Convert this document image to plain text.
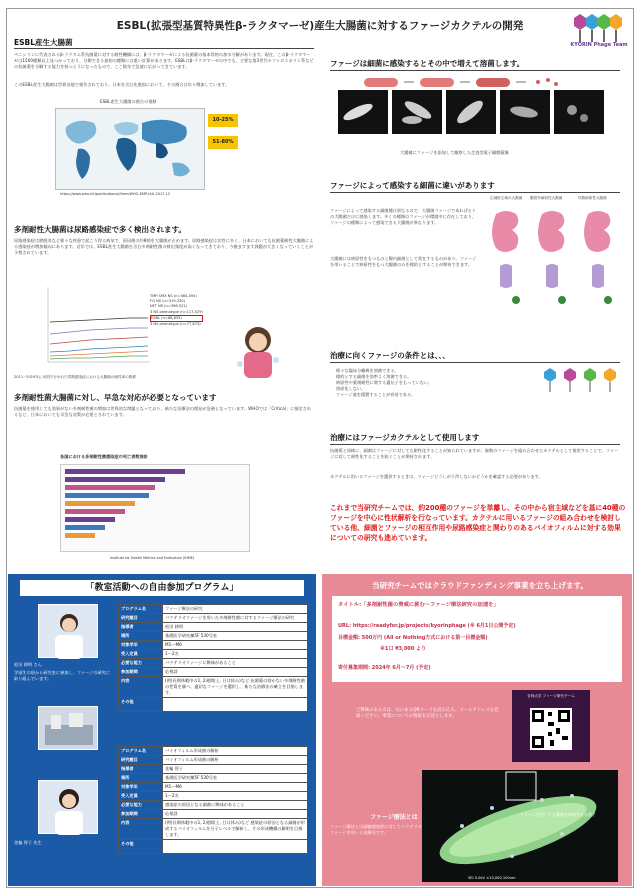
ESBL(拡張型基質特異性β-ラクタマーゼ)産生大腸菌に対するファージカクテルの開発
KYORIN Phage Team
ESBL産生大腸菌
ペニシリンに代表されるβ-ラクタム系抗菌薬に対する耐性機構には、β-ラクタマーゼによる抗菌薬の基本骨格の加水分解があります。現在、このβ-ラクタマーゼは1500種類以上見つかっており、分類できる最初の種類には重い計算があります。ESBLはβ-ラクタマーゼの中でも、主要な第3世代セファロスポリン系などの抗菌薬を分解する能力を持つようになったもので、ここ数年で急速に広がってきています。
このESBL産生大腸菌は世界各地で報告されており、日本を含む先進国において、その割合は年々増加しています。
ESBL産生大腸菌の割合の推移
10-25%
51-80%
https://www.who.int/publications/i/item/WHO-EMP-IAU-2017.12
多剤耐性大腸菌は尿路感染症で多く検出されます。
尿路感染症は膀胱炎など様々な疾患で起こり得る病気で、原因菌の約8割を大腸菌が占めます。尿路感染症は女性に多く、日本においても抗菌薬耐性大腸菌による感染症が増加傾向にあります。近年では、ESBL産生大腸菌を含む多剤耐性菌の検出頻度が高くなってきており、今後ますます課題が大きくなっていくことが予想されています。
TMP-SMX NS (n=364,394)
FQ NS (n=319,330)
NFT NS (n=396,521)
3 NS phenotype (n=117,529)
ESBL (n=68,833)
3 NS phenotype (n=77,673)
2011~2019年に米国で行われた尿路感染症における大腸菌の耐性率の推移
多剤耐性菌大腸菌に対し、早急な対応が必要となっています
抗菌薬を使用しても効果がない多剤耐性菌の増加は世界的な問題となっており、新たな治療法の開発が急務となっています。WHOでは「Critical」に指定されるなど、日本においても早急な対策が必要とされています。
各国における多剤耐性菌感染症の死亡者数推計
Institute for Health Metrics and Evaluation (IHME)
ファージは細菌に感染するとその中で増えて溶菌します。
大腸菌にファージを添加して観察した走査型電子顕微鏡像
ファージによって感染する細菌に違いがあります
ファージによって感染する細菌種は異なるので、大腸菌ファージであればヒトの大腸菌だけに感染します。多くの種類のファージが環境中に存在しており、ファージの種類によって感染できる大腸菌が異なります。
大腸菌には病原性をもつものと腸内細菌として常在するものがあり、ファージを用いることで病原性をもつ大腸菌のみを標的とすることが期待できます。
広域宿主域の大腸菌 腸管外病原性大腸菌	尿路病原性大腸菌
治療に向くファージの条件とは、、、
様々な臨床分離株を溶菌できる。
標的とする細菌を効率よく溶菌できる。
病原性や薬剤耐性に関する遺伝子をもっていない。
溶原化しない。
ファージ液を精製することが容易である。
治療にはファージカクテルとして使用します
抗菌薬と同様に、細菌はファージに対しても耐性化することが知られていますが、複数のファージを組み合わせたカクテルとして使用することで、ファージに対して耐性化することを防ぐことが期待されます。
カクテルに用いるファージを選択するときは、ファージどうしが干渉しないかどうかを確認する必要があります。
これまで当研究チームでは、約200種のファージを単離し、その中から宿主域などを基に40種のファージを中心に性状解析を行なっています。カクテルに用いるファージの組み合わせを検討している他、細菌とファージの相互作用や尿路感染症と関わりのあるバイオフィルムに対する効果についての研究も進めています。
「教室活動への自由参加プログラム」
松田 耕明 さん
学部生の頃から研究室に参加し、ファージの研究に取り組んでいます。
花輪 智子 先生
プログラム名	ファージ療法の研究
研究題目	バクテリオファージを用いた多剤耐性菌に対するファージ療法の研究
指導者	松田 耕明
場所	基礎医学研究棟5F 530号室
対象学年	M1〜M6
受入定員	1〜2名
必要な能力	バクテリオファージに興味があること
参加期間	応相談
内容	(例)長期休暇中の1, 2週間(土, 日は休み)など 抗菌薬の効かない多剤耐性菌の性質を調べ、適切なファージを選択し、新たな治療法の確立を目指します。
その他	
プログラム名	バイオフィルム形成菌の解析
研究題目	バイオフィルム形成菌の解析
指導者	花輪 智子
場所	基礎医学研究棟5F 530号室
対象学年	M1〜M6
受入定員	1〜2名
必要な能力	感染症の原因となる細菌に興味があること
参加期間	応相談
内容	(例)長期休暇中の1, 2週間(土, 日は休み)など 感染症の原因となる細菌が形成するバイオフィルムを分子レベルで解析し、その形成機構の解明を目指します。
その他	
当研究チームではクラウドファンディング事業を立ち上げます。
タイトル:「多剤耐性菌の脅威に挑む〜ファージ療法研究の加速を」
URL: https://readyfor.jp/projects/kyorinphage (※ 6月1日公開予定)
目標金額: 500万円 (All or Nothing方式における第一目標金額)
※1口 ¥3,000 より
寄付募集期間: 2024年 6月〜7月 (予定)
杏林大学 ファージ研究チーム
ご興味のある方は、右にあるQRコードを読み込み、メールアドレスを登録ください。事業についての情報をお送りします。
ファージを用いて大腸菌を溶菌させる様子
SEI 5.0kV ×10,000 100nm
ファージ療法とは
ファージ療法とは細菌感染症に対してバクテリオファージを用いる治療法です。
